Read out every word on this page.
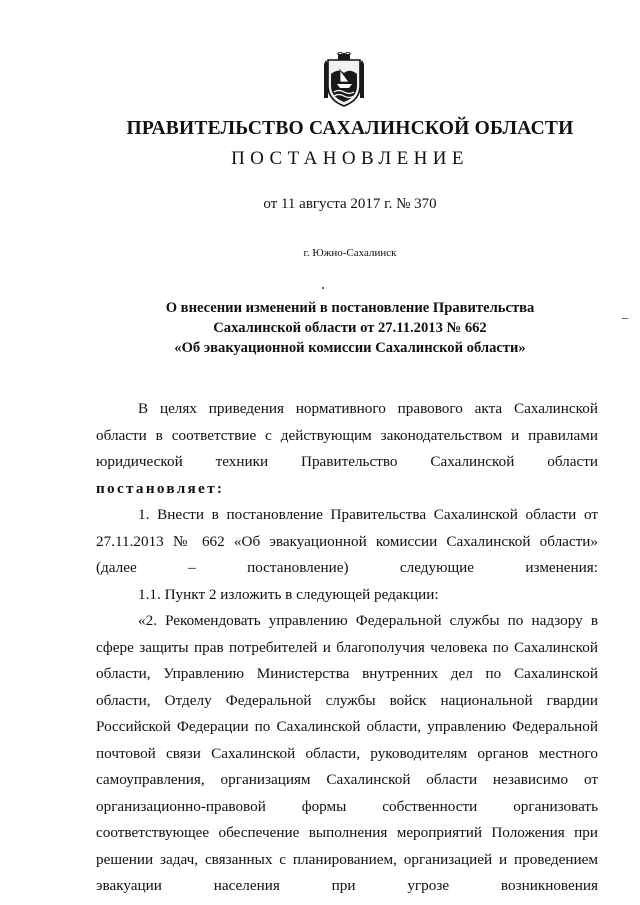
ПРАВИТЕЛЬСТВО САХАЛИНСКОЙ ОБЛАСТИ
ПОСТАНОВЛЕНИЕ
от 11 августа 2017 г. № 370
г. Южно-Сахалинск
О внесении изменений в постановление Правительства
Сахалинской области от 27.11.2013 № 662
«Об эвакуационной комиссии Сахалинской области»

В целях приведения нормативного правового акта Сахалинской области в соответствие с действующим законодательством и правилами юридической техники Правительство Сахалинской области постановляет:

1. Внести в постановление Правительства Сахалинской области от 27.11.2013 № 662 «Об эвакуационной комиссии Сахалинской области» (далее – постановление) следующие изменения:

1.1. Пункт 2 изложить в следующей редакции:

«2. Рекомендовать управлению Федеральной службы по надзору в сфере защиты прав потребителей и благополучия человека по Сахалинской области, Управлению Министерства внутренних дел по Сахалинской области, Отделу Федеральной службы войск национальной гвардии Российской Федерации по Сахалинской области, управлению Федеральной почтовой связи Сахалинской области, руководителям органов местного самоуправления, организациям Сахалинской области независимо от организационно-правовой формы собственности организовать соответствующее обеспечение выполнения мероприятий Положения при решении задач, связанных с планированием, организацией и проведением эвакуации населения при угрозе возникновения
